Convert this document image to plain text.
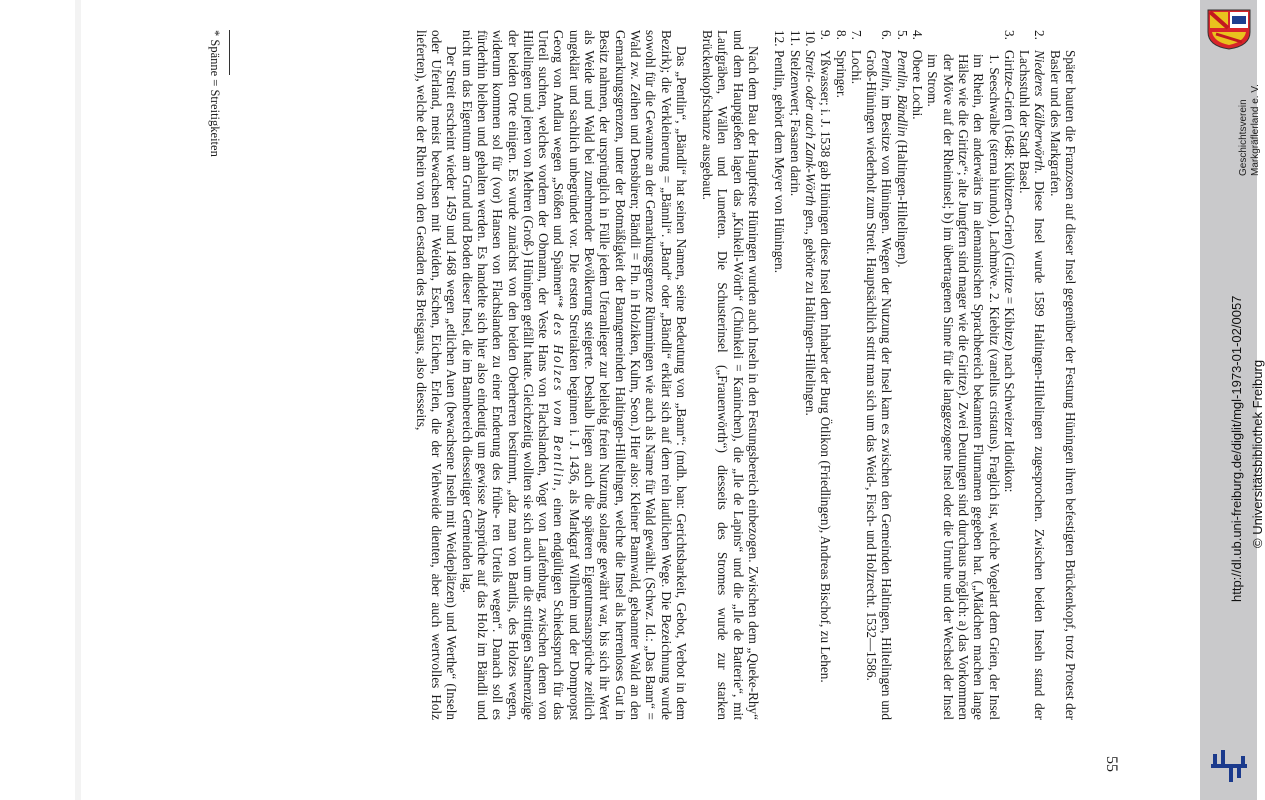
55
Später bauten die Franzosen auf dieser Insel gegenüber der Festung Hüningen ihren befestigten Brückenkopf, trotz Protest der Basler und des Markgrafen.
2.
Niederes Kälberwörth. Diese Insel wurde 1589 Haltingen-Hiltelingen zugesprochen. Zwischen beiden Inseln stand der Lachsstuhl der Stadt Basel.
3.
Giritze-Grien (1648: Kübitzen-Grien) (Giritze = Kibitze) nach Schweizer Idiotikon:
1. Seeschwalbe (sterna hirundo), Lachmöve. 2. Kiebitz (vanellus cristatus). Fraglich ist, welche Vogelart dem Grien, der Insel im Rhein, den anderwärts im alemannischen Sprachbereich bekannten Flurnamen gegeben hat. („Mädchen machen lange Hälse wie die Giritze“; alte Jungfern sind mager wie die Giritze). Zwei Deutungen sind durchaus möglich: a) das Vorkommen der Möve auf der Rheininsel; b) im übertragenen Sinne für die langgezogene Insel oder die Unruhe und der Wechsel der Insel im Strom.
4.
Obere Lochi.
5.
Pentlin, Bändlin (Haltingen-Hiltelingen).
6.
Pentlin, im Besitze von Hüningen. Wegen der Nutzung der Insel kam es zwischen den Gemeinden Haltingen, Hiltelingen und Groß-Hüningen wiederholt zum Streit. Hauptsächlich stritt man sich um das Weid-, Fisch- und Holzrecht. 1532—1586.
7.
Lochi.
8.
Springer.
9.
Yßwasser; i. J. 1538 gab Hüningen diese Insel dem Inhaber der Burg Ötlikon (Friedlingen), Andreas Bischof, zu Lehen.
10.
Streit- oder auch Zank-Wörth gen., gehörte zu Haltingen-Hiltelingen.
11.
Stelzenwert; Fasanen darin.
12.
Pentlin, gehört dem Meyer von Hüningen.

Nach dem Bau der Hauptfeste Hüningen wurden auch Inseln in den Festungsbereich einbezogen. Zwischen dem „Queke-Rhy“ und dem Hauptgießen lagen das „Kinkeli-Wörth“ (Chünkeli = Kaninchen), die „Ile de Lapins“ und die „Ile de Batterie“, mit Laufgräben, Wällen und Lunetten. Die Schusterinsel („Frauenwörth“) diesseits des Stromes wurde zur starken Brückenkopfschanze ausgebaut.

Das „Pentlin“, „Bändli“ hat seinen Namen, seine Bedeutung von „Bann“: (mdh. ban: Gerichtsbarkeit, Gebot, Verbot in dem Bezirk); die Verkleinerung = „Bännli“. „Band“ oder „Bändli“ erklärt sich auf dem rein lautlichen Wege. Die Bezeichnung wurde sowohl für die Gewanne an der Gemarkungsgrenze Rümmingen wie auch als Name für Wald gewählt. (Schwz. Id.: „Das Bann“ = Wald zw. Zeihen und Densbüren; Bändli = Fln. in Holziken, Kulm, Seon.) Hier also: Kleiner Bannwald, gebannter Wald an den Gemarkungsgrenzen, unter der Botmäßigkeit der Banngemeinden Haltingen-Hiltelingen, welche die Insel als herrenloses Gut in Besitz nahmen, der ursprünglich in Fülle jedem Uferanlieger zur beliebig freien Nutzung solange gewährt war, bis sich ihr Wert als Weide und Wald bei zunehmender Bevölkerung steigerte. Deshalb liegen auch die späteren Eigentumsansprüche zeitlich ungeklärt und sachlich unbegründet vor. Die ersten Streitakten beginnen i. J. 1436, als Markgraf Wilhelm und der Dompropst Georg von Andlau wegen „Stößen und Spännen“* des Holzes vom Bentlin, einen endgültigen Schiedsspruch für das Urteil suchten, welches vordem der Obmann, der Veste Hans von Flachslanden, Vogt von Laufenburg, zwischen denen von Hiltelingen und jenen von Mehren (Groß-) Hüningen gefällt hatte. Gleichzeitig wollten sie sich auch um die strittigen Salmenzüge der beiden Orte einigen. Es wurde zunächst von den beiden Oberherren bestimmt, „daz man von Bantlis, des Holzes wegen, widerum kommen sol für (vor) Hansen von Flachslanden zu einer Enderung des frühe- ren Urteils wegen“. Danach soll es fürderhin bleiben und gehalten werden. Es handelte sich hier also eindeutig um gewisse Ansprüche auf das Holz im Bändli und nicht um das Eigentum am Grund und Boden dieser Insel, die im Bannbereich diesseitiger Gemeinden lag.

Der Streit erscheint wieder 1459 und 1468 wegen „etlichen Auen (bewachsene Inseln mit Weideplätzen) und Werthe“ (Inseln oder Uferland, meist bewachsen mit Weiden, Eschen, Eichen, Erlen, die der Viehweide dienten, aber auch wertvolles Holz lieferten), welche der Rhein von den Gestaden des Breisgaus, also diesseits,

* Spänne = Streitigkeiten	Geschichtsverein Markgräflerland e. V.
http://dl.ub.uni-freiburg.de/diglit/mgl-1973-01-02/0057 © Universitätsbibliothek Freiburg
